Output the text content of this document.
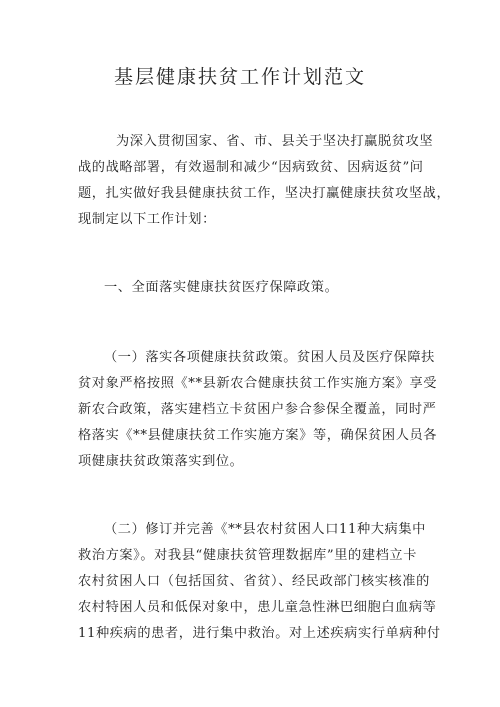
基层健康扶贫工作计划范文
为深入贯彻国家、省、市、县关于坚决打赢脱贫攻坚
战的战略部署，有效遏制和减少“因病致贫、因病返贫”问
题，扎实做好我县健康扶贫工作，坚决打赢健康扶贫攻坚战，
现制定以下工作计划：
一、全面落实健康扶贫医疗保障政策。
（一）落实各项健康扶贫政策。贫困人员及医疗保障扶
贫对象严格按照《**县新农合健康扶贫工作实施方案》享受
新农合政策，落实建档立卡贫困户参合参保全覆盖，同时严
格落实《**县健康扶贫工作实施方案》等，确保贫困人员各
项健康扶贫政策落实到位。
（二）修订并完善《**县农村贫困人口11种大病集中
救治方案》。对我县“健康扶贫管理数据库”里的建档立卡
农村贫困人口（包括国贫、省贫）、经民政部门核实核准的
农村特困人员和低保对象中，患儿童急性淋巴细胞白血病等
11种疾病的患者，进行集中救治。对上述疾病实行单病种付
